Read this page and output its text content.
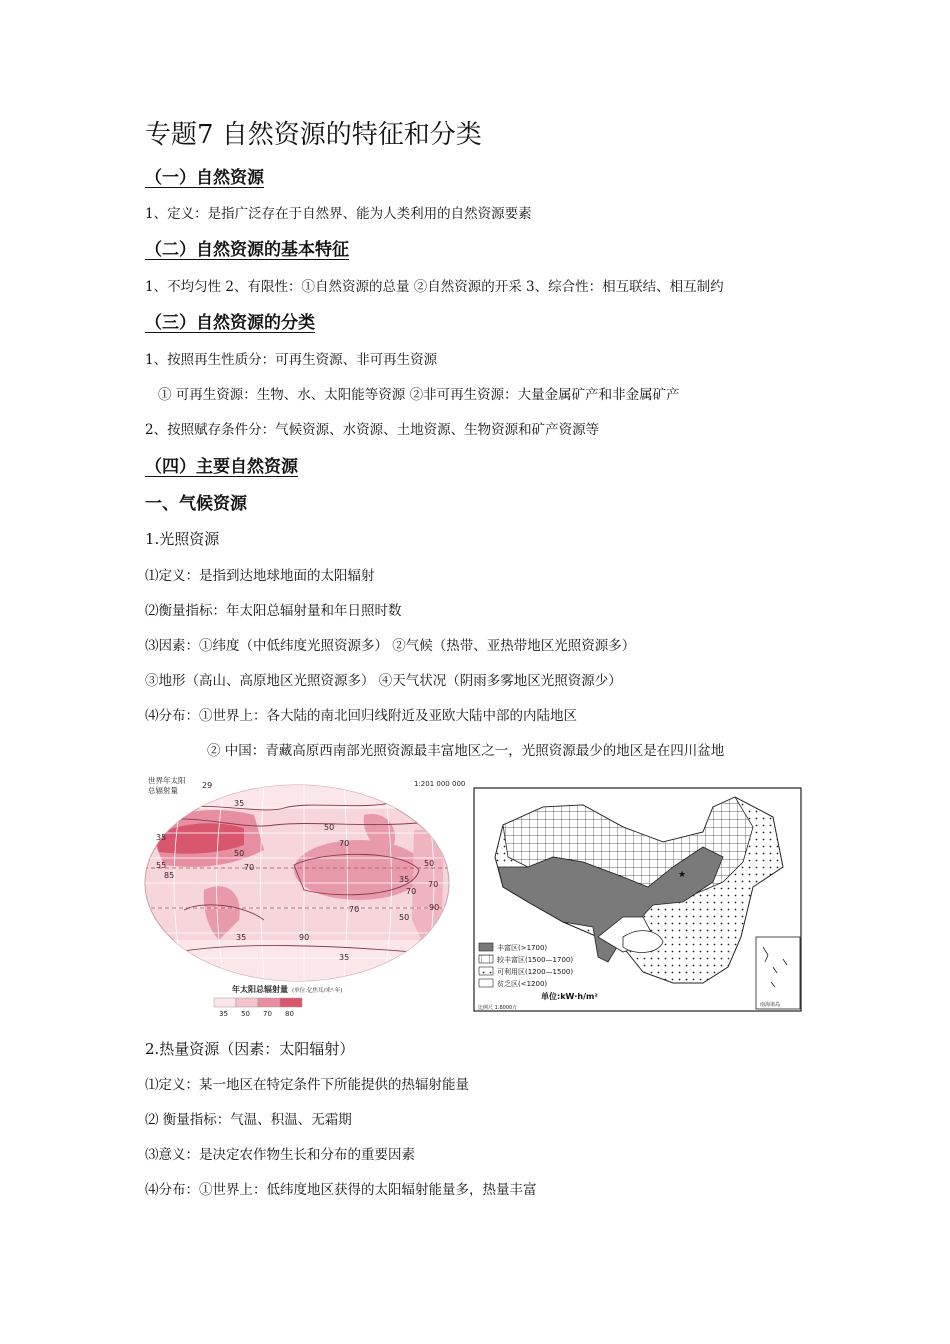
专题7 自然资源的特征和分类
（一）自然资源
1、定义：是指广泛存在于自然界、能为人类利用的自然资源要素
（二）自然资源的基本特征
1、不均匀性 2、有限性：①自然资源的总量 ②自然资源的开采 3、综合性：相互联结、相互制约
（三）自然资源的分类
1、按照再生性质分：可再生资源、非可再生资源
① 可再生资源：生物、水、太阳能等资源 ②非可再生资源：大量金属矿产和非金属矿产
2、按照赋存条件分：气候资源、水资源、土地资源、生物资源和矿产资源等
（四）主要自然资源
一、气候资源
1.光照资源
⑴定义：是指到达地球地面的太阳辐射
⑵衡量指标：年太阳总辐射量和年日照时数
⑶因素：①纬度（中低纬度光照资源多） ②气候（热带、亚热带地区光照资源多）
③地形（高山、高原地区光照资源多） ④天气状况（阴雨多雾地区光照资源少）
⑷分布：①世界上：各大陆的南北回归线附近及亚欧大陆中部的内陆地区
② 中国：青藏高原西南部光照资源最丰富地区之一，光照资源最少的地区是在四川盆地
29
35
50
70
35
50
55	70
85
70
35	90
70
50
35
70
90
50
35
世界年太阳
总辐射量
1:201 000 000
年太阳总辐射量 (单位:亿焦耳/米²·年)
35 50 70 80
★
南海诸岛
丰富区(>1700)
较丰富区(1500—1700)
可利用区(1200—1500)
贫乏区(<1200)
单位:kW·h/m²
比例尺 1:8000万
2.热量资源（因素：太阳辐射）
⑴定义：某一地区在特定条件下所能提供的热辐射能量
⑵ 衡量指标：气温、积温、无霜期
⑶意义：是决定农作物生长和分布的重要因素
⑷分布：①世界上：低纬度地区获得的太阳辐射能量多，热量丰富
